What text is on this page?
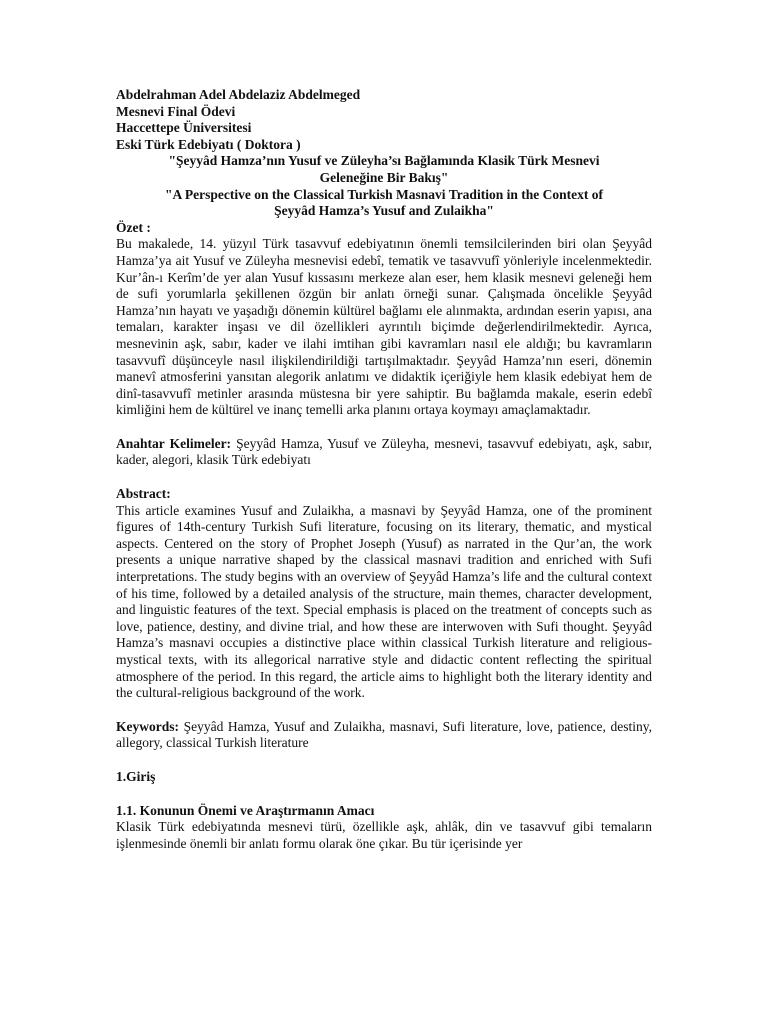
Abdelrahman Adel Abdelaziz Abdelmeged
Mesnevi Final Ödevi
Haccettepe Üniversitesi
Eski Türk Edebiyatı ( Doktora )
"Şeyyâd Hamza’nın Yusuf ve Züleyha’sı Bağlamında Klasik Türk Mesnevi
Geleneğine Bir Bakış"
"A Perspective on the Classical Turkish Masnavi Tradition in the Context of
Şeyyâd Hamza’s Yusuf and Zulaikha"
Özet :

Bu makalede, 14. yüzyıl Türk tasavvuf edebiyatının önemli temsilcilerinden biri olan Şeyyâd Hamza’ya ait Yusuf ve Züleyha mesnevisi edebî, tematik ve tasavvufî yönleriyle incelenmektedir. Kur’ân-ı Kerîm’de yer alan Yusuf kıssasını merkeze alan eser, hem klasik mesnevi geleneği hem de sufi yorumlarla şekillenen özgün bir anlatı örneği sunar. Çalışmada öncelikle Şeyyâd Hamza’nın hayatı ve yaşadığı dönemin kültürel bağlamı ele alınmakta, ardından eserin yapısı, ana temaları, karakter inşası ve dil özellikleri ayrıntılı biçimde değerlendirilmektedir. Ayrıca, mesnevinin aşk, sabır, kader ve ilahi imtihan gibi kavramları nasıl ele aldığı; bu kavramların tasavvufî düşünceyle nasıl ilişkilendirildiği tartışılmaktadır. Şeyyâd Hamza’nın eseri, dönemin manevî atmosferini yansıtan alegorik anlatımı ve didaktik içeriğiyle hem klasik edebiyat hem de dinî-tasavvufî metinler arasında müstesna bir yere sahiptir. Bu bağlamda makale, eserin edebî kimliğini hem de kültürel ve inanç temelli arka planını ortaya koymayı amaçlamaktadır.

Anahtar Kelimeler: Şeyyâd Hamza, Yusuf ve Züleyha, mesnevi, tasavvuf edebiyatı, aşk, sabır, kader, alegori, klasik Türk edebiyatı

Abstract:

This article examines Yusuf and Zulaikha, a masnavi by Şeyyâd Hamza, one of the prominent figures of 14th-century Turkish Sufi literature, focusing on its literary, thematic, and mystical aspects. Centered on the story of Prophet Joseph (Yusuf) as narrated in the Qur’an, the work presents a unique narrative shaped by the classical masnavi tradition and enriched with Sufi interpretations. The study begins with an overview of Şeyyâd Hamza’s life and the cultural context of his time, followed by a detailed analysis of the structure, main themes, character development, and linguistic features of the text. Special emphasis is placed on the treatment of concepts such as love, patience, destiny, and divine trial, and how these are interwoven with Sufi thought. Şeyyâd Hamza’s masnavi occupies a distinctive place within classical Turkish literature and religious-mystical texts, with its allegorical narrative style and didactic content reflecting the spiritual atmosphere of the period. In this regard, the article aims to highlight both the literary identity and the cultural-religious background of the work.

Keywords: Şeyyâd Hamza, Yusuf and Zulaikha, masnavi, Sufi literature, love, patience, destiny, allegory, classical Turkish literature

1.Giriş
1.1. Konunun Önemi ve Araştırmanın Amacı

Klasik Türk edebiyatında mesnevi türü, özellikle aşk, ahlâk, din ve tasavvuf gibi temaların işlenmesinde önemli bir anlatı formu olarak öne çıkar. Bu tür içerisinde yer
